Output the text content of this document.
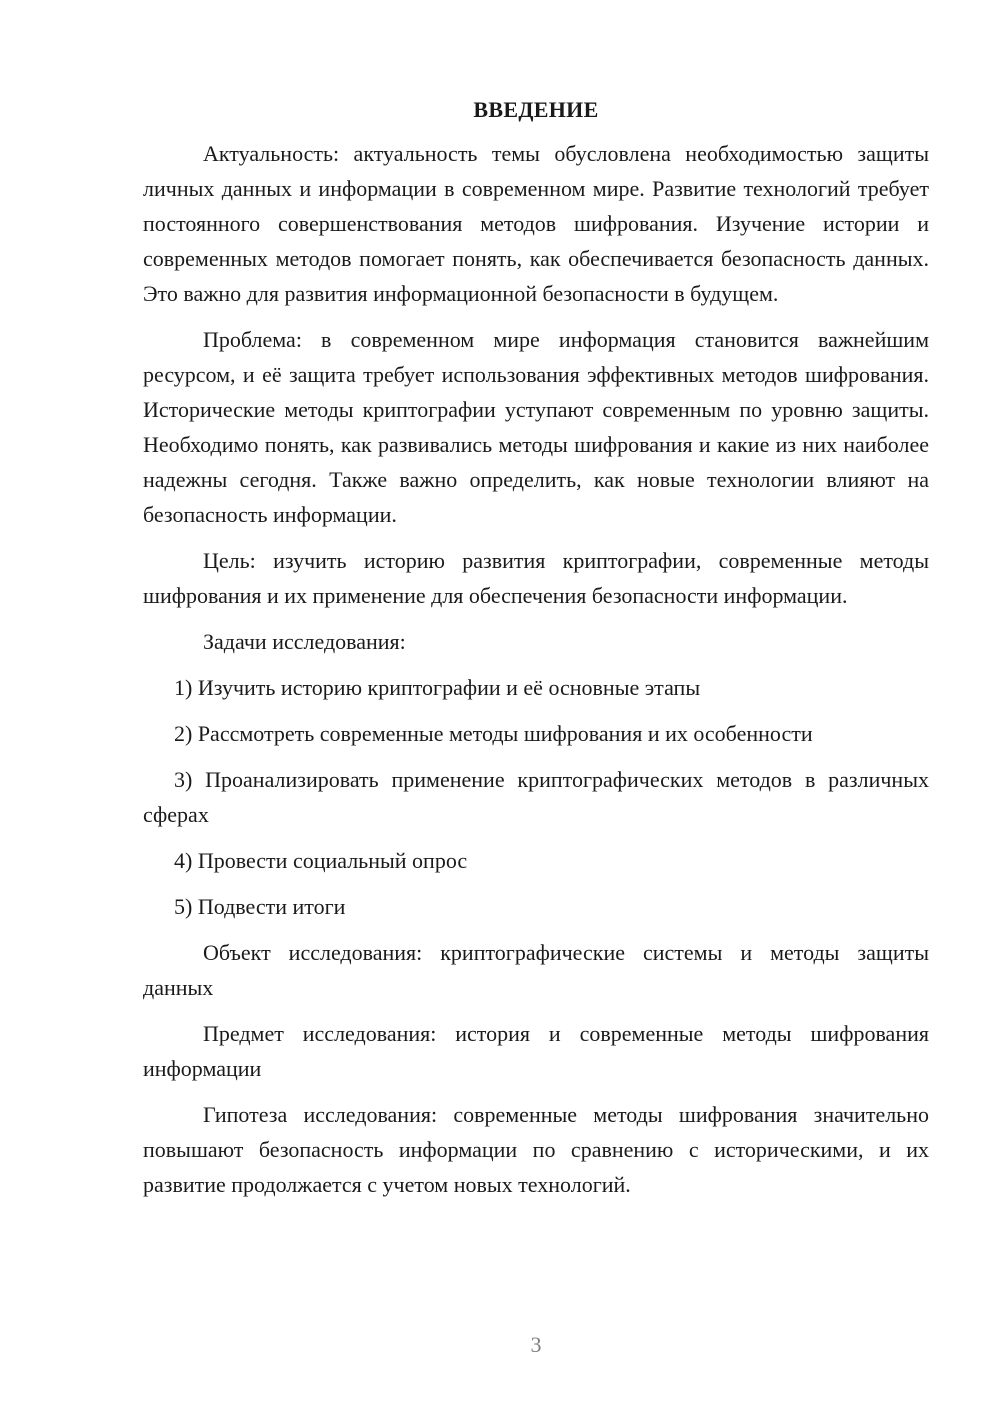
ВВЕДЕНИЕ

Актуальность: актуальность темы обусловлена необходимостью защиты личных данных и информации в современном мире. Развитие технологий требует постоянного совершенствования методов шифрования. Изучение истории и современных методов помогает понять, как обеспечивается безопасность данных. Это важно для развития информационной безопасности в будущем.

Проблема: в современном мире информация становится важнейшим ресурсом, и её защита требует использования эффективных методов шифрования. Исторические методы криптографии уступают современным по уровню защиты. Необходимо понять, как развивались методы шифрования и какие из них наиболее надежны сегодня. Также важно определить, как новые технологии влияют на безопасность информации.

Цель: изучить историю развития криптографии, современные методы шифрования и их применение для обеспечения безопасности информации.

Задачи исследования:

1) Изучить историю криптографии и её основные этапы

2) Рассмотреть современные методы шифрования и их особенности

3) Проанализировать применение криптографических методов в различных сферах

4) Провести социальный опрос

5) Подвести итоги

Объект исследования: криптографические системы и методы защиты данных

Предмет исследования: история и современные методы шифрования информации

Гипотеза исследования: современные методы шифрования значительно повышают безопасность информации по сравнению с историческими, и их развитие продолжается с учетом новых технологий.

3
